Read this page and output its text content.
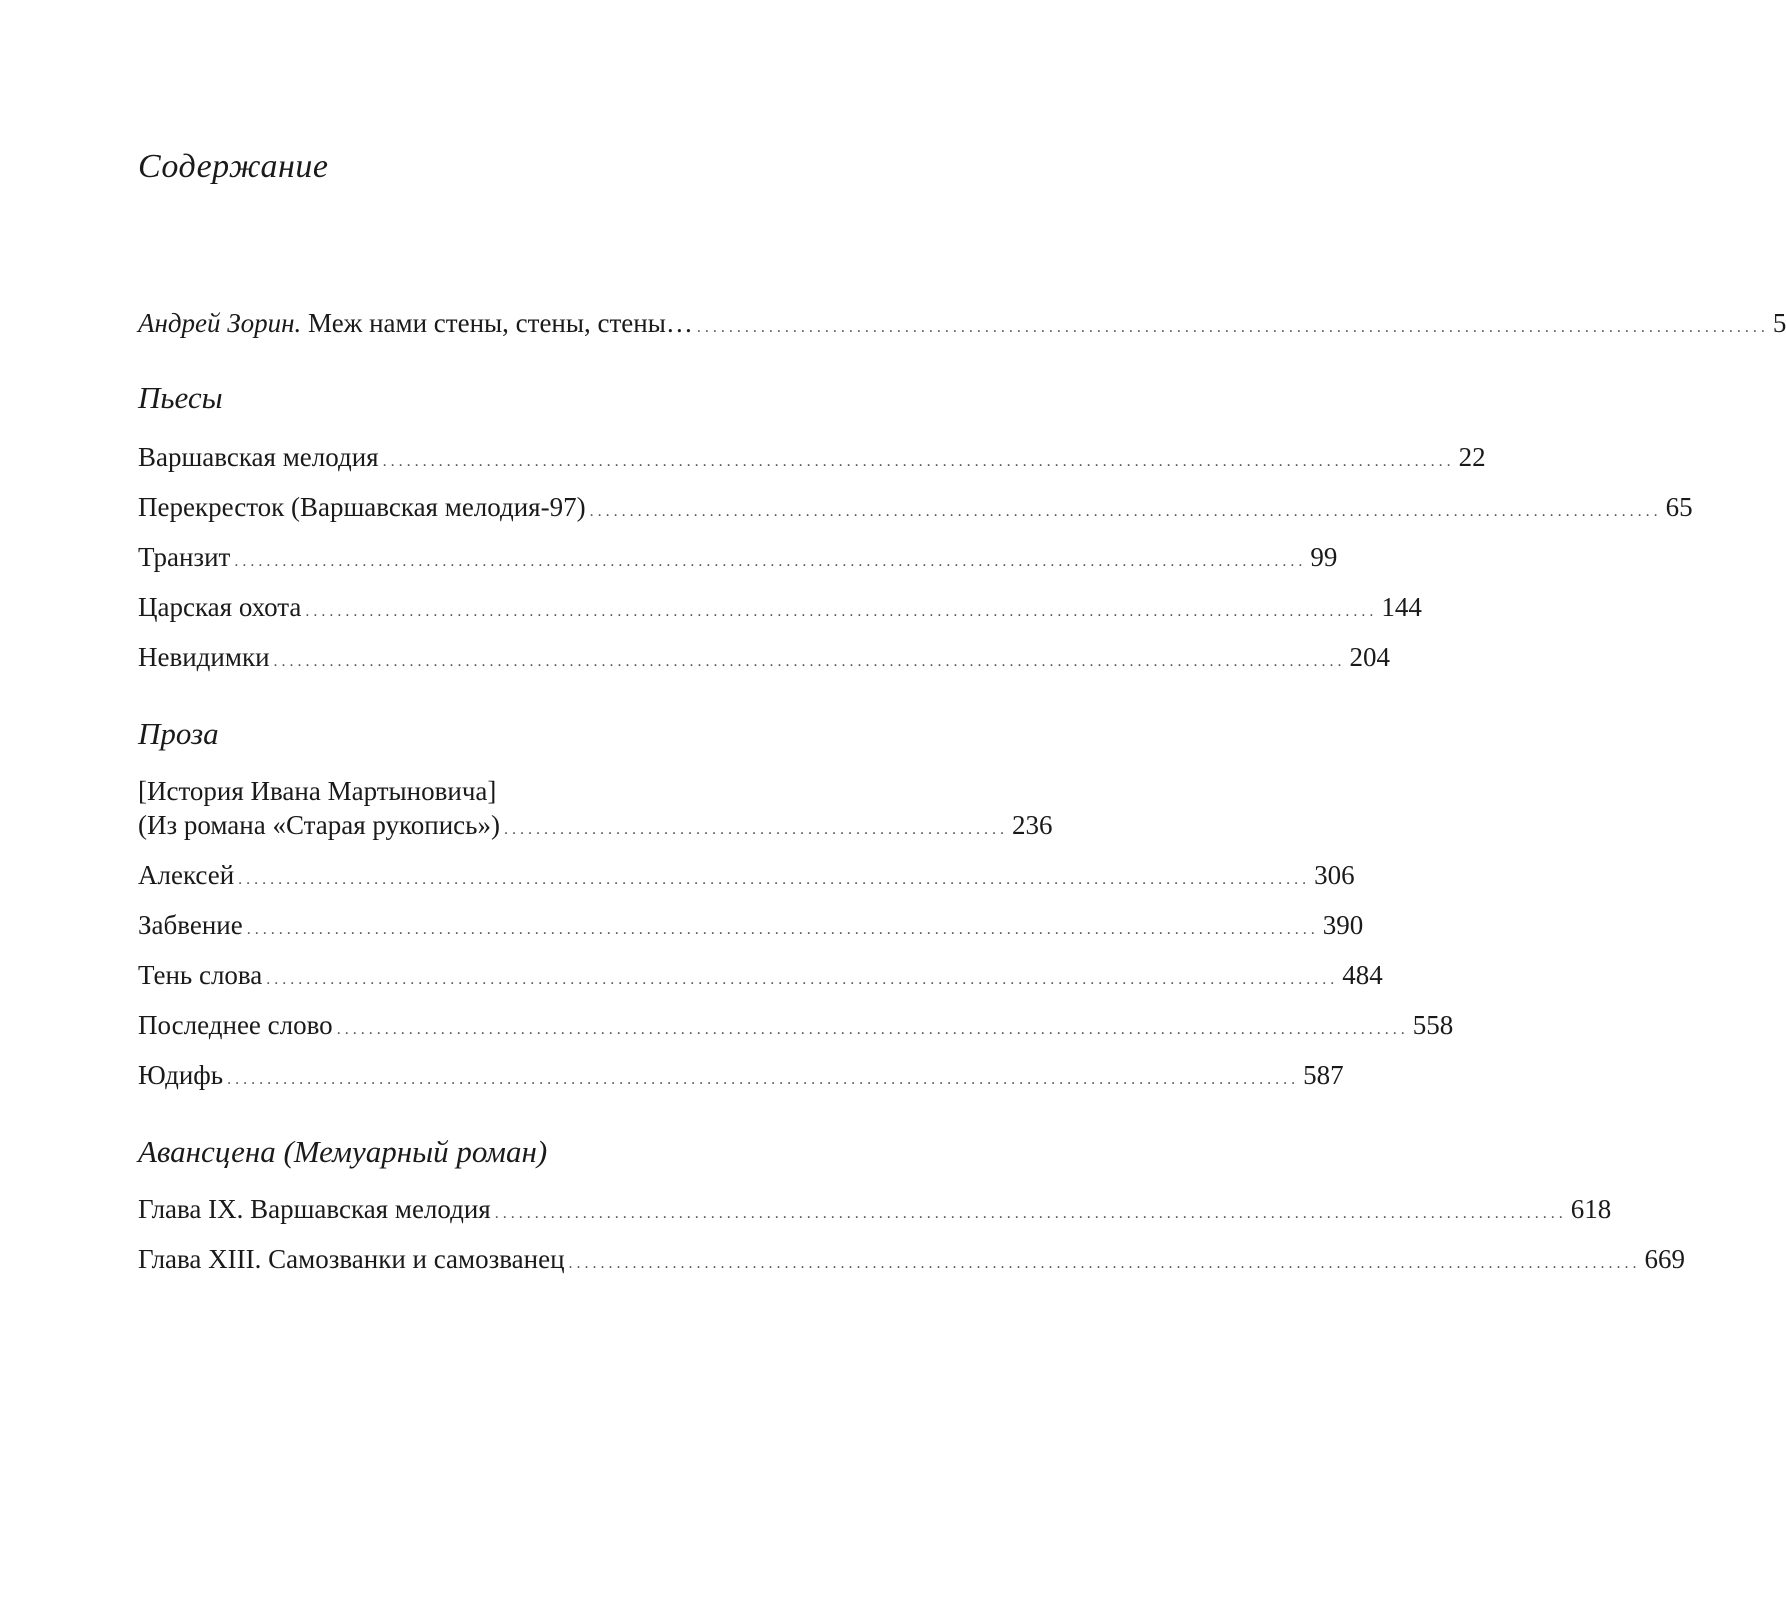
Содержание
Андрей Зорин. Меж нами стены, стены, стены… . . .	5
Пьесы
Варшавская мелодия . . .	22
Перекресток (Варшавская мелодия-97) . . .	65
Транзит . . .	99
Царская охота . . .	144
Невидимки . . .	204
Проза
[История Ивана Мартыновича]
(Из романа «Старая рукопись») . . . . . . . . . . . . . . . . . . . . . . . . . . . . . . . . . . . . . . . . . . . . . . . . . . . . . . . . . . . . . . . 236
Алексей . . .	306
Забвение . . .	390
Тень слова . . .	484
Последнее слово . . .	558
Юдифь . . .	587
Авансцена (Мемуарный роман)
Глава IX. Варшавская мелодия . . .	618
Глава XIII. Самозванки и самозванец . . .	669
